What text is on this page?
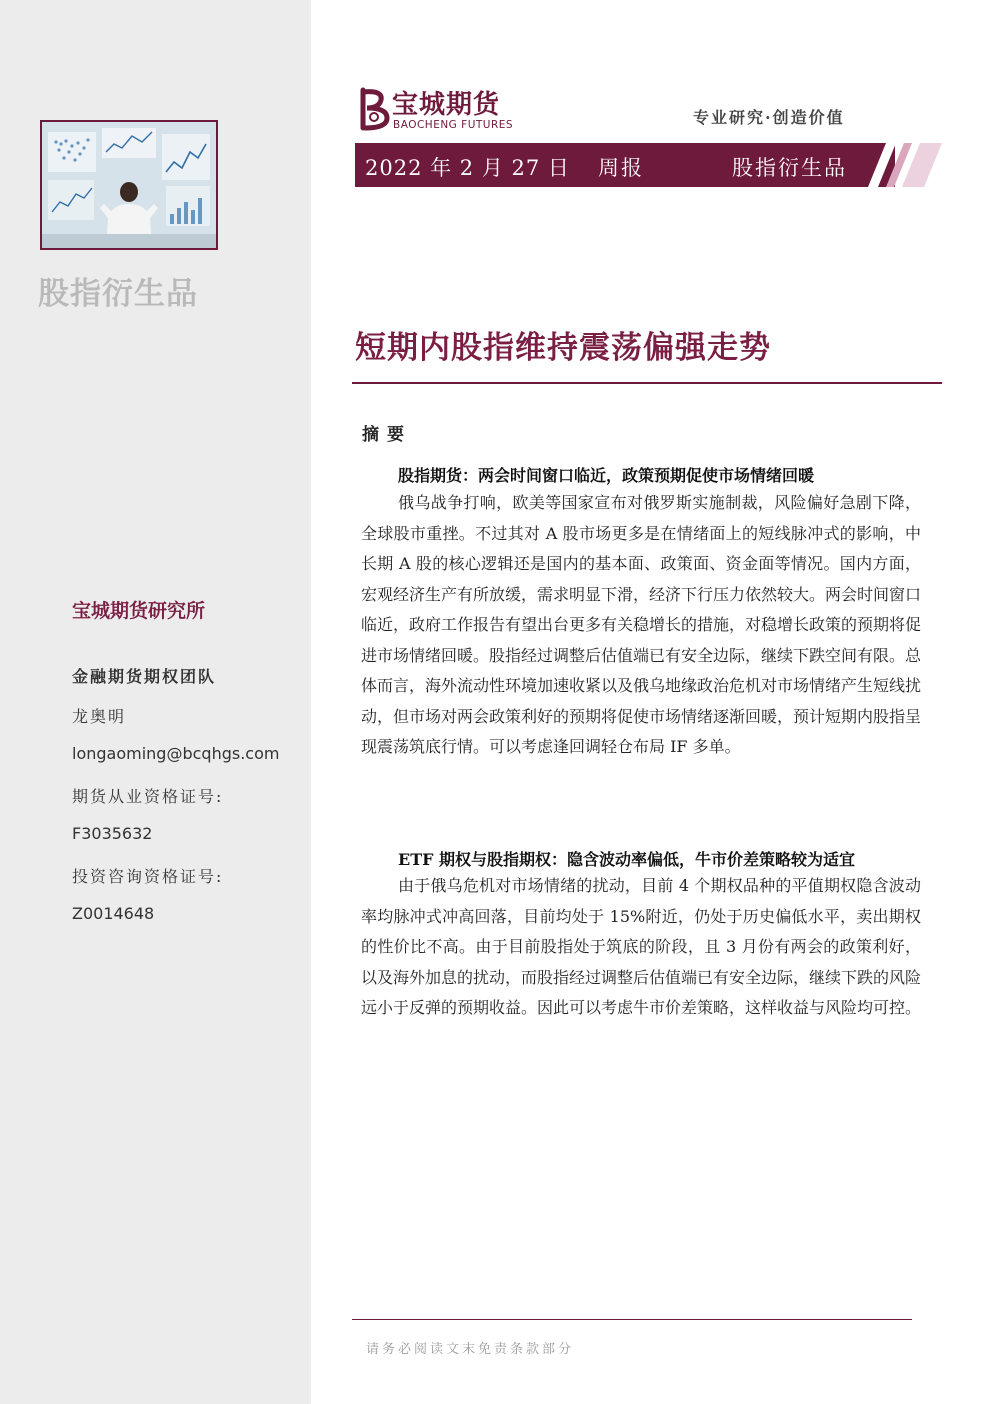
股指衍生品
宝城期货研究所
金融期货期权团队
龙奥明
longaoming@bcqhgs.com
期货从业资格证号:
F3035632
投资咨询资格证号:
Z0014648
宝城期货
BAOCHENG FUTURES	专业研究·创造价值
2022 年 2 月 27 日 周报	股指衍生品
短期内股指维持震荡偏强走势
摘要
股指期货：两会时间窗口临近，政策预期促使市场情绪回暖
俄乌战争打响，欧美等国家宣布对俄罗斯实施制裁，风险偏好急剧下降，全球股市重挫。不过其对 A 股市场更多是在情绪面上的短线脉冲式的影响，中长期 A 股的核心逻辑还是国内的基本面、政策面、资金面等情况。国内方面，宏观经济生产有所放缓，需求明显下滑，经济下行压力依然较大。两会时间窗口临近，政府工作报告有望出台更多有关稳增长的措施，对稳增长政策的预期将促进市场情绪回暖。股指经过调整后估值端已有安全边际，继续下跌空间有限。总体而言，海外流动性环境加速收紧以及俄乌地缘政治危机对市场情绪产生短线扰动，但市场对两会政策利好的预期将促使市场情绪逐渐回暖，预计短期内股指呈现震荡筑底行情。可以考虑逢回调轻仓布局 IF 多单。
ETF 期权与股指期权：隐含波动率偏低，牛市价差策略较为适宜
由于俄乌危机对市场情绪的扰动，目前 4 个期权品种的平值期权隐含波动率均脉冲式冲高回落，目前均处于 15%附近，仍处于历史偏低水平，卖出期权的性价比不高。由于目前股指处于筑底的阶段，且 3 月份有两会的政策利好，以及海外加息的扰动，而股指经过调整后估值端已有安全边际，继续下跌的风险远小于反弹的预期收益。因此可以考虑牛市价差策略，这样收益与风险均可控。
请务必阅读文末免责条款部分
